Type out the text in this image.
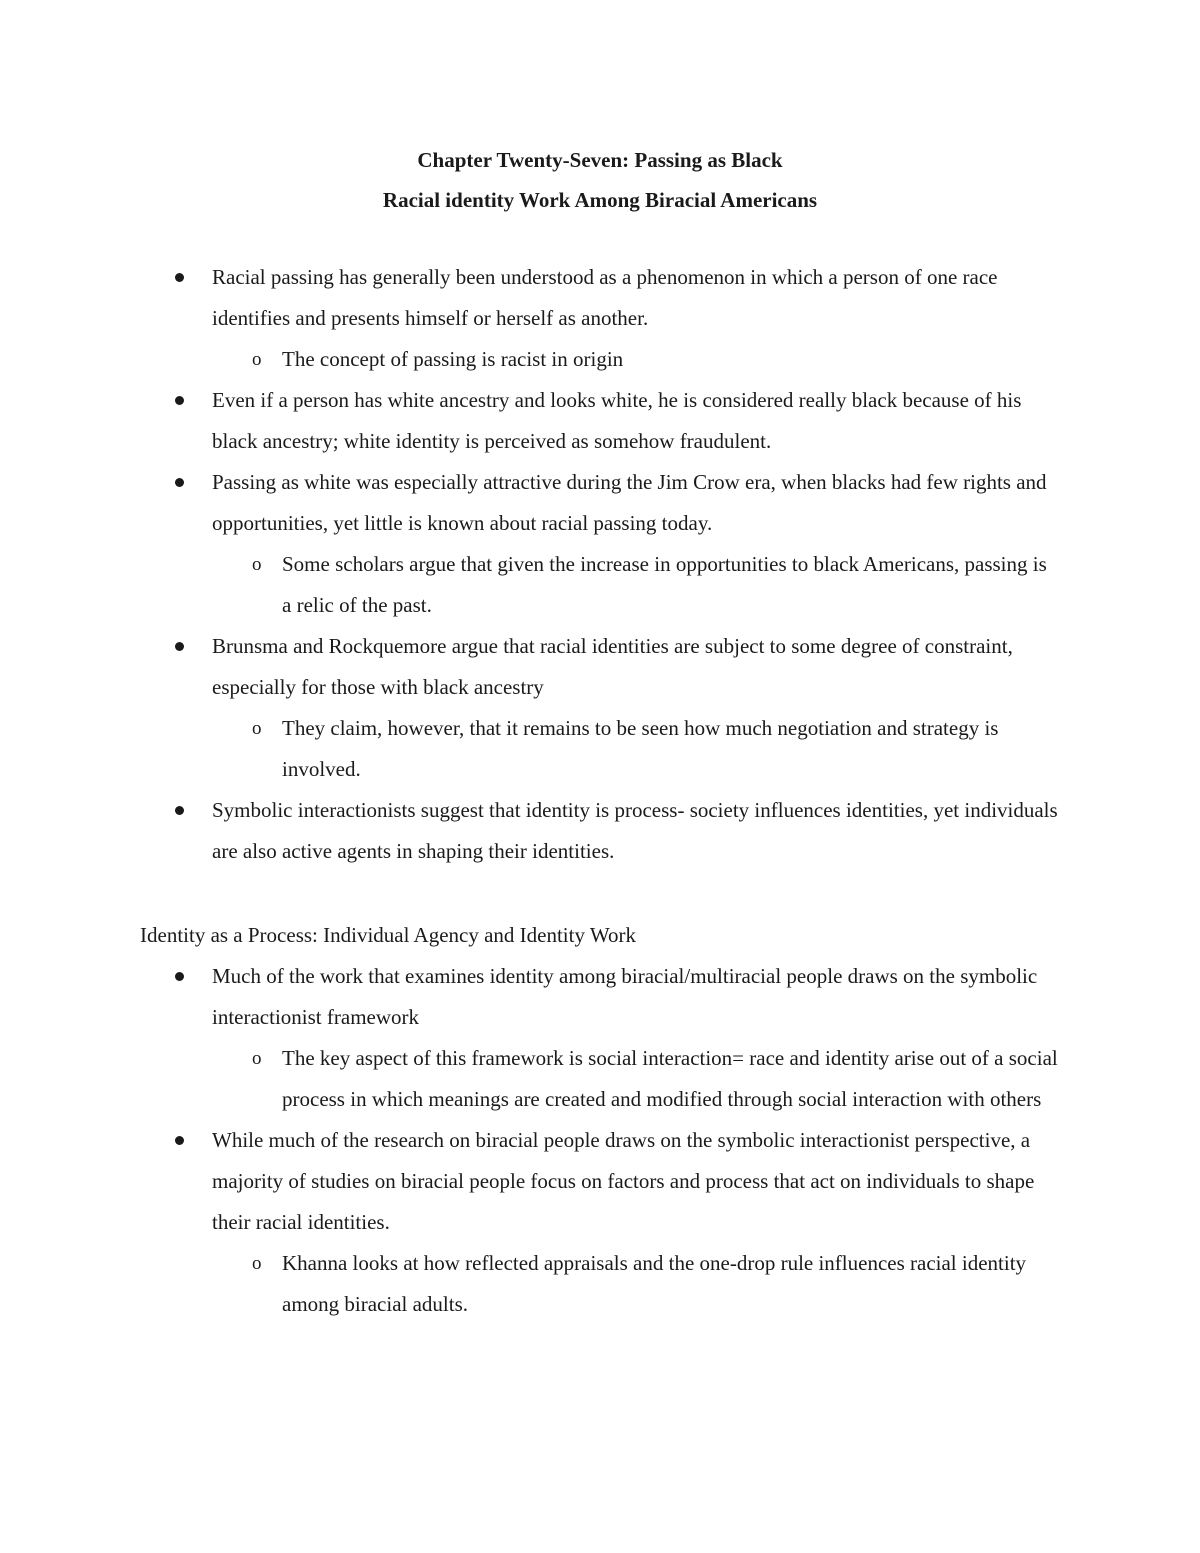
Chapter Twenty-Seven: Passing as Black
Racial identity Work Among Biracial Americans
Racial passing has generally been understood as a phenomenon in which a person of one race identifies and presents himself or herself as another.
o The concept of passing is racist in origin
Even if a person has white ancestry and looks white, he is considered really black because of his black ancestry; white identity is perceived as somehow fraudulent.
Passing as white was especially attractive during the Jim Crow era, when blacks had few rights and opportunities, yet little is known about racial passing today.
o Some scholars argue that given the increase in opportunities to black Americans, passing is a relic of the past.
Brunsma and Rockquemore argue that racial identities are subject to some degree of constraint, especially for those with black ancestry
o They claim, however, that it remains to be seen how much negotiation and strategy is involved.
Symbolic interactionists suggest that identity is process- society influences identities, yet individuals are also active agents in shaping their identities.
Identity as a Process: Individual Agency and Identity Work
Much of the work that examines identity among biracial/multiracial people draws on the symbolic interactionist framework
o The key aspect of this framework is social interaction= race and identity arise out of a social process in which meanings are created and modified through social interaction with others
While much of the research on biracial people draws on the symbolic interactionist perspective, a majority of studies on biracial people focus on factors and process that act on individuals to shape their racial identities.
o Khanna looks at how reflected appraisals and the one-drop rule influences racial identity among biracial adults.
